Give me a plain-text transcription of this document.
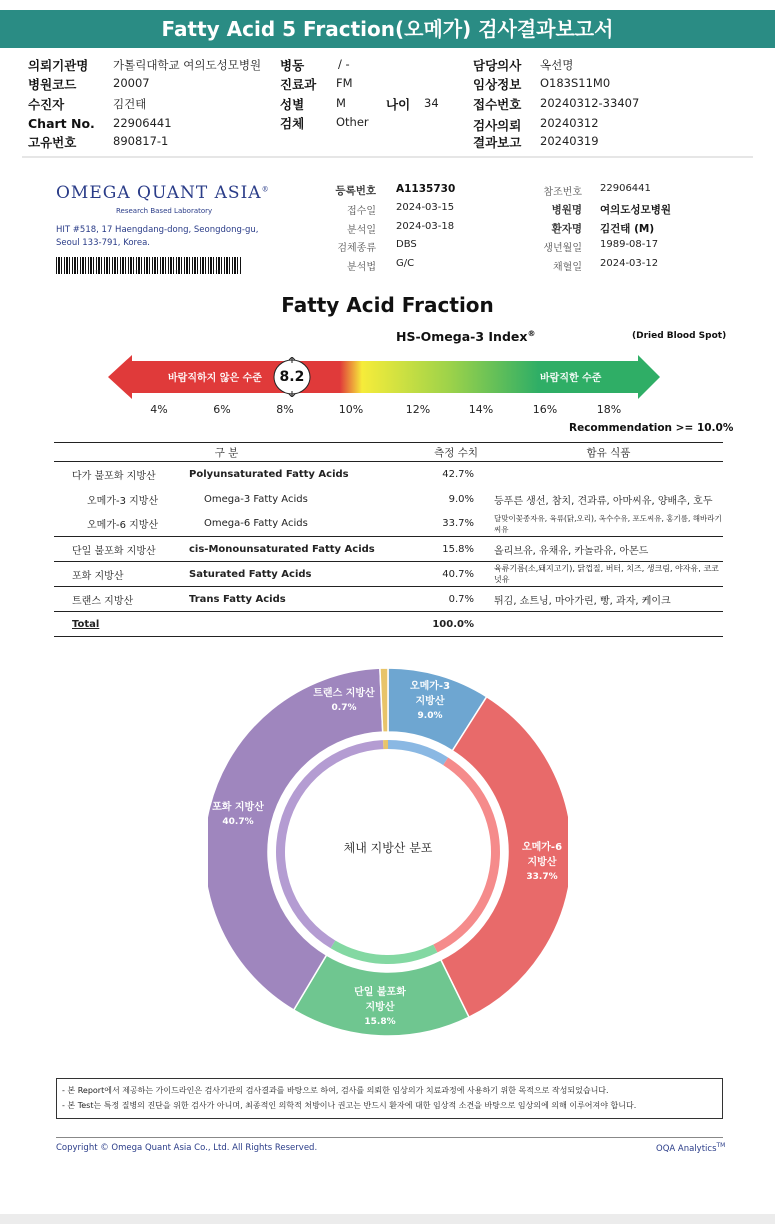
Fatty Acid 5 Fraction(오메가) 검사결과보고서
의뢰기관명 가톨릭대학교 여의도성모병원 병동	/ -	담당의사 옥선명
병원코드	20007	진료과 FM	임상정보 O183S11M0
수진자	김건태	성별	M	나이 34	접수번호 20240312-33407
Chart No. 22906441	검체	Other	검사의뢰 20240312
고유번호	890817-1	결과보고 20240319
OMEGA QUANT ASIA®
Research Based Laboratory
HIT #518, 17 Haengdang-dong, Seongdong-gu,
Seoul 133-791, Korea.
등록번호 A1135730
접수일 2024-03-15
분석일 2024-03-18
검체종류 DBS
분석법 G/C
참조번호 22906441
병원명 여의도성모병원
환자명 김건태 (M)
생년월일 1989-08-17
채혈일 2024-03-12
Fatty Acid Fraction
HS-Omega-3 Index®	(Dried Blood Spot)
바람직하지 않은 수준	바람직한 수준
8.2
4%	6%	8%	10%	12%	14%	16%	18%
Recommendation >= 10.0%
구 분		측정 수치	함유 식품
다가 불포화 지방산	Polyunsaturated Fatty Acids	42.7%	
오메가-3 지방산	Omega-3 Fatty Acids	9.0%	등푸른 생선, 참치, 견과류, 아마씨유, 양배추, 호두
오메가-6 지방산	Omega-6 Fatty Acids	33.7%	달맞이꽃종자유, 육류(닭,오리), 옥수수유, 포도씨유, 홍기름, 해바라기씨유
단일 불포화 지방산	cis-Monounsaturated Fatty Acids	15.8%	올리브유, 유채유, 카놀라유, 아몬드
포화 지방산	Saturated Fatty Acids	40.7%	육류기름(소,돼지고기), 닭껍질, 버터, 치즈, 생크림, 야자유, 코코넛유
트랜스 지방산	Trans Fatty Acids	0.7%	튀김, 쇼트닝, 마아가린, 빵, 과자, 케이크
Total		100.0%	
체내 지방산 분포
오메가-3
지방산
9.0%
오메가-6
지방산
33.7%
단일 불포화
지방산
15.8%
포화 지방산
40.7%
트랜스 지방산
0.7%
- 본 Report에서 제공하는 가이드라인은 검사기관의 검사결과를 바탕으로 하여, 검사를 의뢰한 임상의가 치료과정에 사용하기 위한 목적으로 작성되었습니다.
- 본 Test는 특정 질병의 진단을 위한 검사가 아니며, 최종적인 의학적 처방이나 권고는 반드시 환자에 대한 임상적 소견을 바탕으로 임상의에 의해 이루어져야 합니다.
Copyright © Omega Quant Asia Co., Ltd. All Rights Reserved.	OQA Analytics™
